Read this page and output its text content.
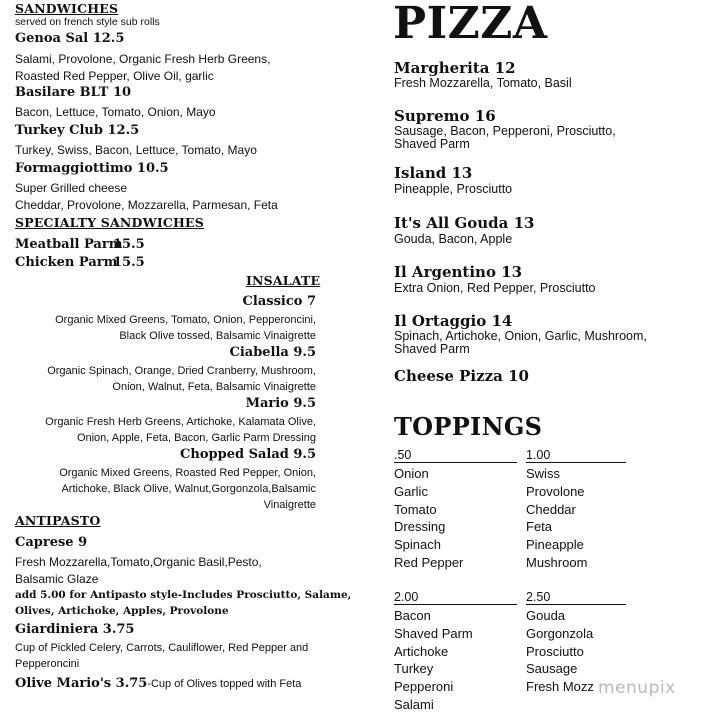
SANDWICHES
served on french style sub rolls
Genoa Sal 12.5
Salami, Provolone, Organic Fresh Herb Greens,
Roasted Red Pepper, Olive Oil, garlic
Basilare BLT 10
Bacon, Lettuce, Tomato, Onion, Mayo
Turkey Club 12.5
Turkey, Swiss, Bacon, Lettuce, Tomato, Mayo
Formaggiottimo 10.5
Super Grilled cheese
Cheddar, Provolone, Mozzarella, Parmesan, Feta
SPECIALTY SANDWICHES
Meatball Parm
15.5
Chicken Parm
15.5
INSALATE
Classico 7
Organic Mixed Greens, Tomato, Onion, Pepperoncini,
Black Olive tossed, Balsamic Vinaigrette
Ciabella 9.5
Organic Spinach, Orange, Dried Cranberry, Mushroom,
Onion, Walnut, Feta, Balsamic Vinaigrette
Mario 9.5
Organic Fresh Herb Greens, Artichoke, Kalamata Olive,
Onion, Apple, Feta, Bacon, Garlic Parm Dressing
Chopped Salad 9.5
Organic Mixed Greens, Roasted Red Pepper, Onion,
Artichoke, Black Olive, Walnut,Gorgonzola,Balsamic
Vinaigrette
ANTIPASTO
Caprese 9
Fresh Mozzarella,Tomato,Organic Basil,Pesto,
Balsamic Glaze
add 5.00 for Antipasto style-Includes Prosciutto, Salame,
Olives, Artichoke, Apples, Provolone
Giardiniera 3.75
Cup of Pickled Celery, Carrots, Cauliflower, Red Pepper and
Pepperoncini
Olive Mario's 3.75-Cup of Olives topped with Feta
PIZZA
Margherita 12
Fresh Mozzarella, Tomato, Basil
Supremo 16
Sausage, Bacon, Pepperoni, Prosciutto,
Shaved Parm
Island 13
Pineapple, Prosciutto
It's All Gouda 13
Gouda, Bacon, Apple
Il Argentino 13
Extra Onion, Red Pepper, Prosciutto
Il Ortaggio 14
Spinach, Artichoke, Onion, Garlic, Mushroom,
Shaved Parm
Cheese Pizza 10
TOPPINGS
.50
Onion
Garlic
Tomato
Dressing
Spinach
Red Pepper
1.00
Swiss
Provolone
Cheddar
Feta
Pineapple
Mushroom
2.00
Bacon
Shaved Parm
Artichoke
Turkey
Pepperoni
Salami
2.50
Gouda
Gorgonzola
Prosciutto
Sausage
Fresh Mozz menupix
